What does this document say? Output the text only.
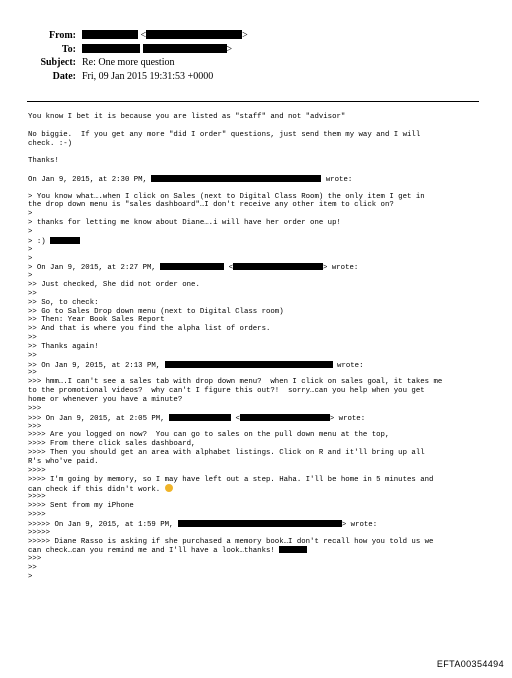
From:	<	>
To:	>
Subject: Re: One more question
Date: Fri, 09 Jan 2015 19:31:53 +0000
You know I bet it is because you are listed as "staff" and not "advisor"
No biggie.  If you get any more "did I order" questions, just send them my way and I will
check. :-)
Thanks!
On Jan 9, 2015, at 2:30 PM,	wrote:
> You know what….when I click on Sales (next to Digital Class Room) the only item I get in
the drop down menu is "sales dashboard"…I don't receive any other item to click on?
>
> thanks for letting me know about Diane….i will have her order one up!
>
> :)
>
>
> On Jan 9, 2015, at 2:27 PM,	<	> wrote:
>
>> Just checked, She did not order one.
>>
>> So, to check:
>> Go to Sales Drop down menu (next to Digital Class room)
>> Then: Year Book Sales Report
>> And that is where you find the alpha list of orders.
>>
>> Thanks again!
>>
>> On Jan 9, 2015, at 2:13 PM,	wrote:
>>
>>> hmm….I can't see a sales tab with drop down menu?  when I click on sales goal, it takes me
to the promotional videos?  why can't I figure this out?!  sorry…can you help when you get
home or whenever you have a minute?
>>>
>>> On Jan 9, 2015, at 2:05 PM,	<	> wrote:
>>>
>>>> Are you logged on now?  You can go to sales on the pull down menu at the top,
>>>> From there click sales dashboard,
>>>> Then you should get an area with alphabet listings. Click on R and it'll bring up all
R's who've paid.
>>>>
>>>> I'm going by memory, so I may have left out a step. Haha. I'll be home in 5 minutes and
can check if this didn't work.
>>>>
>>>> Sent from my iPhone
>>>>
>>>>> On Jan 9, 2015, at 1:59 PM,	> wrote:
>>>>>
>>>>> Diane Rasso is asking if she purchased a memory book…I don't recall how you told us we
can check…can you remind me and I'll have a look…thanks!
>>>
>>
>
EFTA00354494
